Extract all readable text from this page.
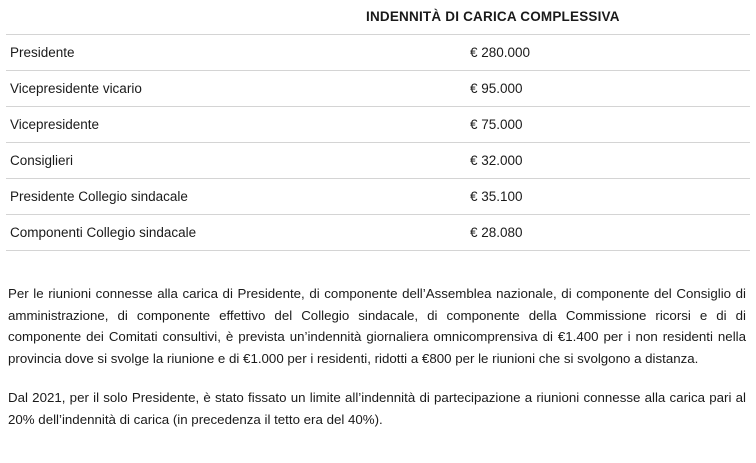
	INDENNITÀ DI CARICA COMPLESSIVA
Presidente	€ 280.000
Vicepresidente vicario	€ 95.000
Vicepresidente	€ 75.000
Consiglieri	€ 32.000
Presidente Collegio sindacale	€ 35.100
Componenti Collegio sindacale	€ 28.080

Per le riunioni connesse alla carica di Presidente, di componente dell’Assemblea nazionale, di componente del Consiglio di amministrazione, di componente effettivo del Collegio sindacale, di componente della Commissione ricorsi e di di componente dei Comitati consultivi, è prevista un’indennità giornaliera omnicomprensiva di €1.400 per i non residenti nella provincia dove si svolge la riunione e di €1.000 per i residenti, ridotti a €800 per le riunioni che si svolgono a distanza.

Dal 2021, per il solo Presidente, è stato fissato un limite all’indennità di partecipazione a riunioni connesse alla carica pari al 20% dell’indennità di carica (in precedenza il tetto era del 40%).
